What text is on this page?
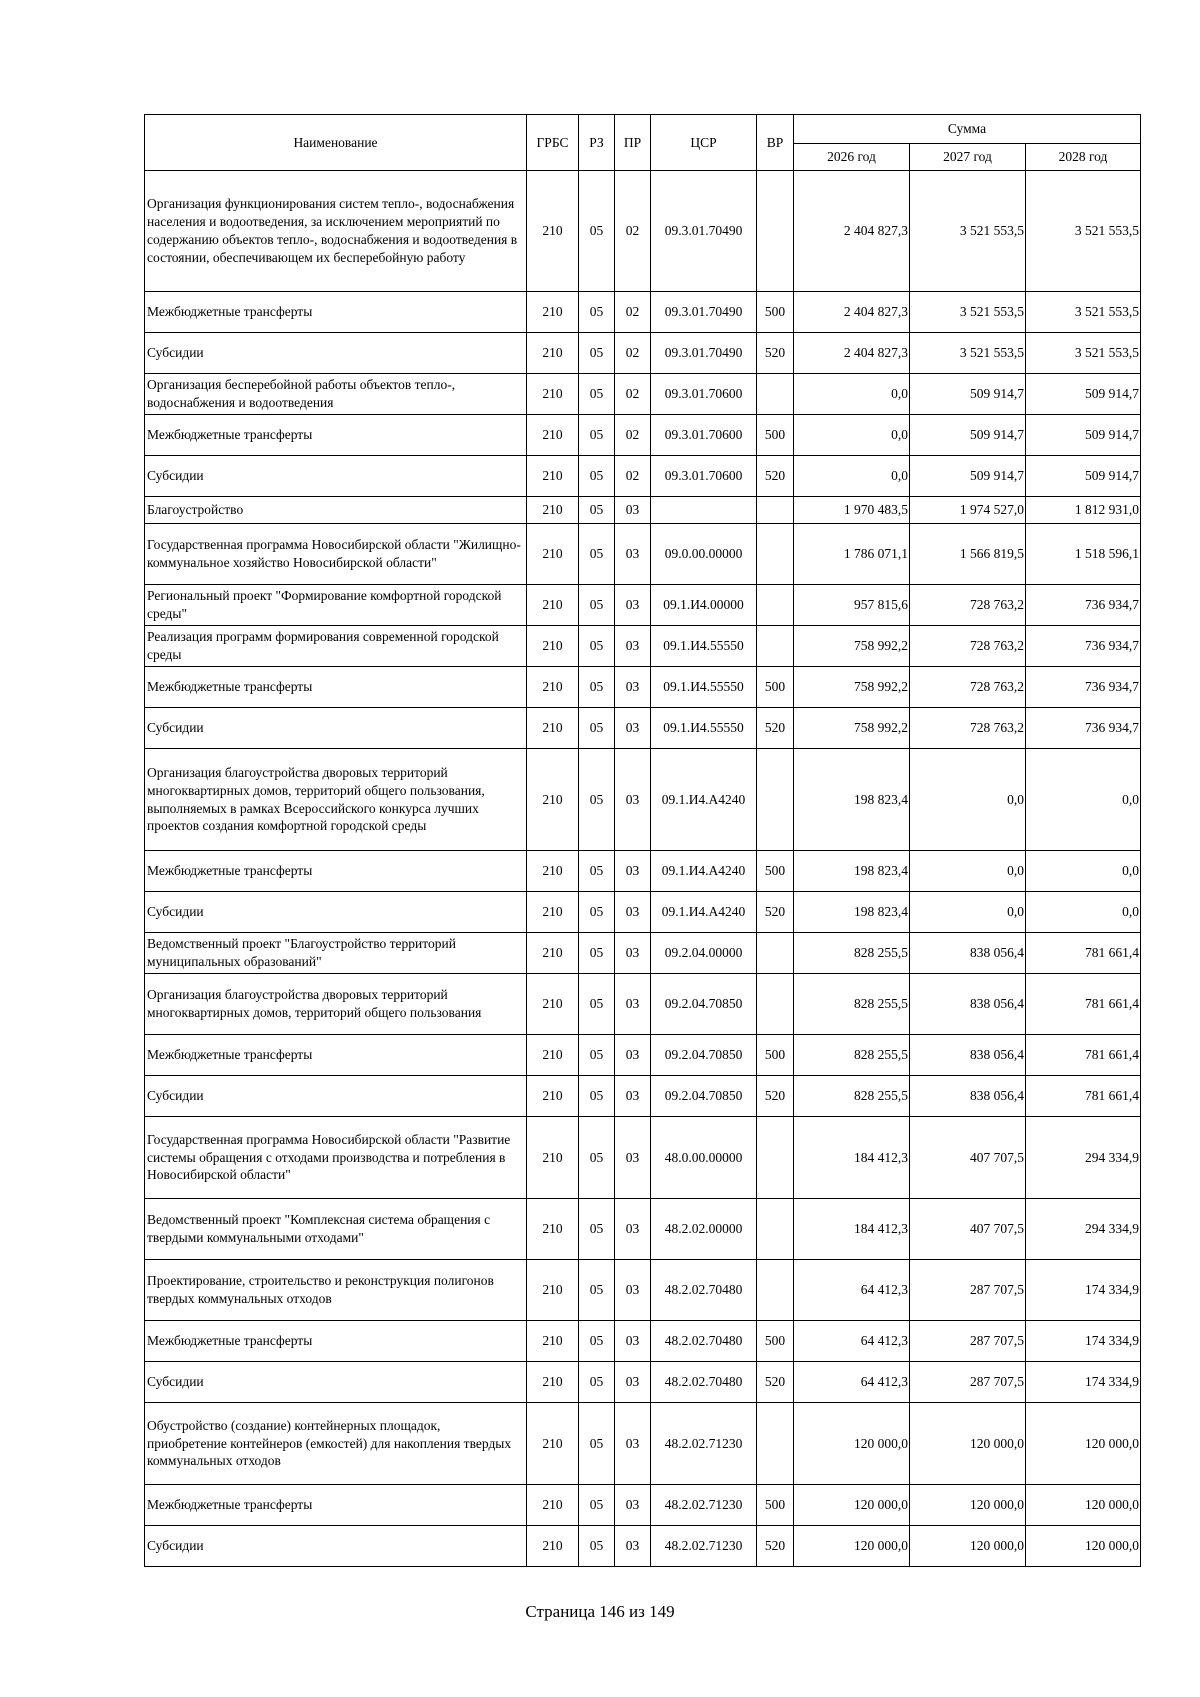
Наименование	ГРБС	РЗ	ПР	ЦСР	ВР	Сумма		
						2026 год	2027 год	2028 год
Организация функционирования систем тепло-, водоснабжения населения и водоотведения, за исключением мероприятий по содержанию объектов тепло-, водоснабжения и водоотведения в состоянии, обеспечивающем их бесперебойную работу	210	05	02	09.3.01.70490		2 404 827,3	3 521 553,5	3 521 553,5
Межбюджетные трансферты	210	05	02	09.3.01.70490	500	2 404 827,3	3 521 553,5	3 521 553,5
Субсидии	210	05	02	09.3.01.70490	520	2 404 827,3	3 521 553,5	3 521 553,5
Организация бесперебойной работы объектов тепло-, водоснабжения и водоотведения	210	05	02	09.3.01.70600		0,0	509 914,7	509 914,7
Межбюджетные трансферты	210	05	02	09.3.01.70600	500	0,0	509 914,7	509 914,7
Субсидии	210	05	02	09.3.01.70600	520	0,0	509 914,7	509 914,7
Благоустройство	210	05	03			1 970 483,5	1 974 527,0	1 812 931,0
Государственная программа Новосибирской области "Жилищно-коммунальное хозяйство Новосибирской области"	210	05	03	09.0.00.00000		1 786 071,1	1 566 819,5	1 518 596,1
Региональный проект "Формирование комфортной городской среды"	210	05	03	09.1.И4.00000		957 815,6	728 763,2	736 934,7
Реализация программ формирования современной городской среды	210	05	03	09.1.И4.55550		758 992,2	728 763,2	736 934,7
Межбюджетные трансферты	210	05	03	09.1.И4.55550	500	758 992,2	728 763,2	736 934,7
Субсидии	210	05	03	09.1.И4.55550	520	758 992,2	728 763,2	736 934,7
Организация благоустройства дворовых территорий многоквартирных домов, территорий общего пользования, выполняемых в рамках Всероссийского конкурса лучших проектов создания комфортной городской среды	210	05	03	09.1.И4.А4240		198 823,4	0,0	0,0
Межбюджетные трансферты	210	05	03	09.1.И4.А4240	500	198 823,4	0,0	0,0
Субсидии	210	05	03	09.1.И4.А4240	520	198 823,4	0,0	0,0
Ведомственный проект "Благоустройство территорий муниципальных образований"	210	05	03	09.2.04.00000		828 255,5	838 056,4	781 661,4
Организация благоустройства дворовых территорий многоквартирных домов, территорий общего пользования	210	05	03	09.2.04.70850		828 255,5	838 056,4	781 661,4
Межбюджетные трансферты	210	05	03	09.2.04.70850	500	828 255,5	838 056,4	781 661,4
Субсидии	210	05	03	09.2.04.70850	520	828 255,5	838 056,4	781 661,4
Государственная программа Новосибирской области "Развитие системы обращения с отходами производства и потребления в Новосибирской области"	210	05	03	48.0.00.00000		184 412,3	407 707,5	294 334,9
Ведомственный проект "Комплексная система обращения с твердыми коммунальными отходами"	210	05	03	48.2.02.00000		184 412,3	407 707,5	294 334,9
Проектирование, строительство и реконструкция полигонов твердых коммунальных отходов	210	05	03	48.2.02.70480		64 412,3	287 707,5	174 334,9
Межбюджетные трансферты	210	05	03	48.2.02.70480	500	64 412,3	287 707,5	174 334,9
Субсидии	210	05	03	48.2.02.70480	520	64 412,3	287 707,5	174 334,9
Обустройство (создание) контейнерных площадок, приобретение контейнеров (емкостей) для накопления твердых коммунальных отходов	210	05	03	48.2.02.71230		120 000,0	120 000,0	120 000,0
Межбюджетные трансферты	210	05	03	48.2.02.71230	500	120 000,0	120 000,0	120 000,0
Субсидии	210	05	03	48.2.02.71230	520	120 000,0	120 000,0	120 000,0
Страница 146 из 149
